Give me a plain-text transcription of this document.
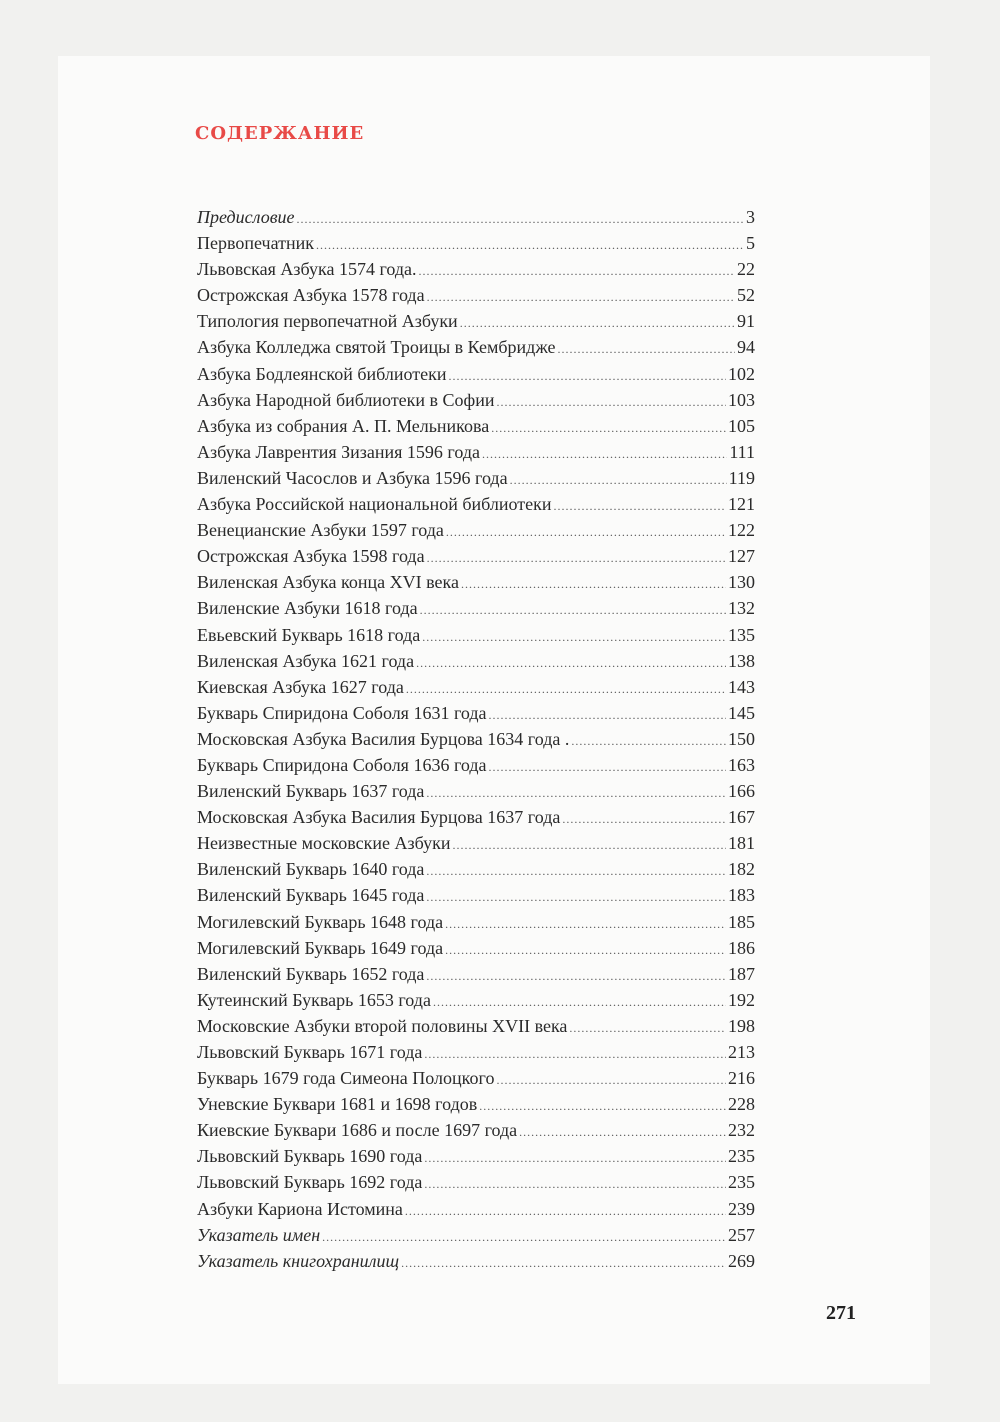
содержание
Предисловие .....	3
Первопечатник .....	5
Львовская Азбука 1574 года. .....	22
Острожская Азбука 1578 года .....	52
Типология первопечатной Азбуки .....	91
Азбука Колледжа святой Троицы в Кембридже .....	94
Азбука Бодлеянской библиотеки .....	102
Азбука Народной библиотеки в Софии .....	103
Азбука из собрания А. П. Мельникова .....	105
Азбука Лаврентия Зизания 1596 года .....	111
Виленский Часослов и Азбука 1596 года .....	119
Азбука Российской национальной библиотеки .....	121
Венецианские Азбуки 1597 года .....	122
Острожская Азбука 1598 года .....	127
Виленская Азбука конца XVI века .....	130
Виленские Азбуки 1618 года .....	132
Евьевский Букварь 1618 года .....	135
Виленская Азбука 1621 года .....	138
Киевская Азбука 1627 года .....	143
Букварь Спиридона Соболя 1631 года .....	145
Московская Азбука Василия Бурцова 1634 года . .....	150
Букварь Спиридона Соболя 1636 года .....	163
Виленский Букварь 1637 года .....	166
Московская Азбука Василия Бурцова 1637 года .....	167
Неизвестные московские Азбуки .....	181
Виленский Букварь 1640 года .....	182
Виленский Букварь 1645 года .....	183
Могилевский Букварь 1648 года .....	185
Могилевский Букварь 1649 года .....	186
Виленский Букварь 1652 года .....	187
Кутеинский Букварь 1653 года .....	192
Московские Азбуки второй половины XVII века .....	198
Львовский Букварь 1671 года .....	213
Букварь 1679 года Симеона Полоцкого .....	216
Уневские Буквари 1681 и 1698 годов .....	228
Киевские Буквари 1686 и после 1697 года .....	232
Львовский Букварь 1690 года .....	235
Львовский Букварь 1692 года .....	235
Азбуки Кариона Истомина .....	239
Указатель имен .....	257
Указатель книгохранилищ .....	269
271
